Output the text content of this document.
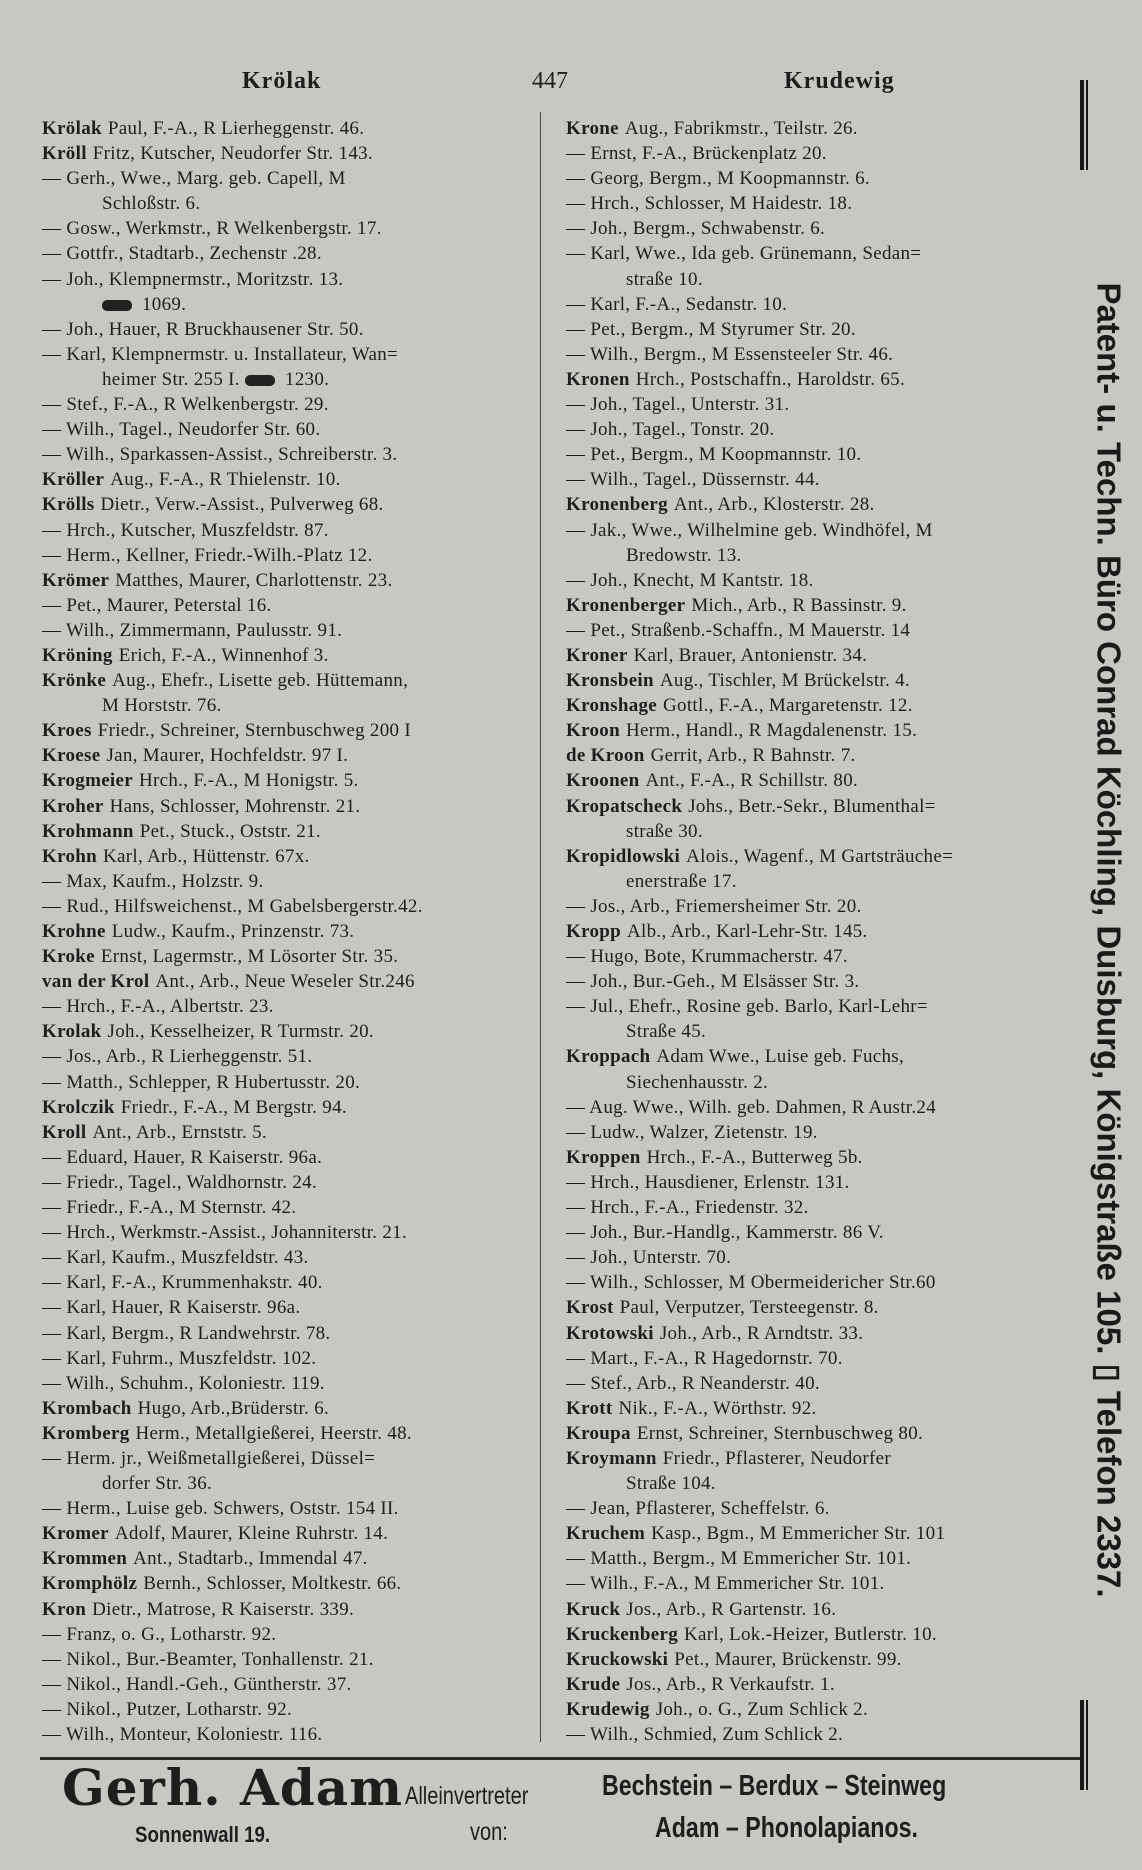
Krölak	447	Krudewig
Krölak Paul, F.-A., R Lierheggenstr. 46.
Kröll Fritz, Kutscher, Neudorfer Str. 143.
— Gerh., Wwe., Marg. geb. Capell, M
Schloßstr. 6.
— Gosw., Werkmstr., R Welkenbergstr. 17.
— Gottfr., Stadtarb., Zechenstr .28.
— Joh., Klempnermstr., Moritzstr. 13.
1069.
— Joh., Hauer, R Bruckhausener Str. 50.
— Karl, Klempnermstr. u. Installateur, Wan=
heimer Str. 255 I. 1230.
— Stef., F.-A., R Welkenbergstr. 29.
— Wilh., Tagel., Neudorfer Str. 60.
— Wilh., Sparkassen-Assist., Schreiberstr. 3.
Kröller Aug., F.-A., R Thielenstr. 10.
Krölls Dietr., Verw.-Assist., Pulverweg 68.
— Hrch., Kutscher, Muszfeldstr. 87.
— Herm., Kellner, Friedr.-Wilh.-Platz 12.
Krömer Matthes, Maurer, Charlottenstr. 23.
— Pet., Maurer, Peterstal 16.
— Wilh., Zimmermann, Paulusstr. 91.
Kröning Erich, F.-A., Winnenhof 3.
Krönke Aug., Ehefr., Lisette geb. Hüttemann,
M Horststr. 76.
Kroes Friedr., Schreiner, Sternbuschweg 200 I
Kroese Jan, Maurer, Hochfeldstr. 97 I.
Krogmeier Hrch., F.-A., M Honigstr. 5.
Kroher Hans, Schlosser, Mohrenstr. 21.
Krohmann Pet., Stuck., Oststr. 21.
Krohn Karl, Arb., Hüttenstr. 67x.
— Max, Kaufm., Holzstr. 9.
— Rud., Hilfsweichenst., M Gabelsbergerstr.42.
Krohne Ludw., Kaufm., Prinzenstr. 73.
Kroke Ernst, Lagermstr., M Lösorter Str. 35.
van der Krol Ant., Arb., Neue Weseler Str.246
— Hrch., F.-A., Albertstr. 23.
Krolak Joh., Kesselheizer, R Turmstr. 20.
— Jos., Arb., R Lierheggenstr. 51.
— Matth., Schlepper, R Hubertusstr. 20.
Krolczik Friedr., F.-A., M Bergstr. 94.
Kroll Ant., Arb., Ernststr. 5.
— Eduard, Hauer, R Kaiserstr. 96a.
— Friedr., Tagel., Waldhornstr. 24.
— Friedr., F.-A., M Sternstr. 42.
— Hrch., Werkmstr.-Assist., Johanniterstr. 21.
— Karl, Kaufm., Muszfeldstr. 43.
— Karl, F.-A., Krummenhakstr. 40.
— Karl, Hauer, R Kaiserstr. 96a.
— Karl, Bergm., R Landwehrstr. 78.
— Karl, Fuhrm., Muszfeldstr. 102.
— Wilh., Schuhm., Koloniestr. 119.
Krombach Hugo, Arb.,Brüderstr. 6.
Kromberg Herm., Metallgießerei, Heerstr. 48.
— Herm. jr., Weißmetallgießerei, Düssel=
dorfer Str. 36.
— Herm., Luise geb. Schwers, Oststr. 154 II.
Kromer Adolf, Maurer, Kleine Ruhrstr. 14.
Krommen Ant., Stadtarb., Immendal 47.
Kromphölz Bernh., Schlosser, Moltkestr. 66.
Kron Dietr., Matrose, R Kaiserstr. 339.
— Franz, o. G., Lotharstr. 92.
— Nikol., Bur.-Beamter, Tonhallenstr. 21.
— Nikol., Handl.-Geh., Güntherstr. 37.
— Nikol., Putzer, Lotharstr. 92.
— Wilh., Monteur, Koloniestr. 116.
Krone Aug., Fabrikmstr., Teilstr. 26.
— Ernst, F.-A., Brückenplatz 20.
— Georg, Bergm., M Koopmannstr. 6.
— Hrch., Schlosser, M Haidestr. 18.
— Joh., Bergm., Schwabenstr. 6.
— Karl, Wwe., Ida geb. Grünemann, Sedan=
straße 10.
— Karl, F.-A., Sedanstr. 10.
— Pet., Bergm., M Styrumer Str. 20.
— Wilh., Bergm., M Essensteeler Str. 46.
Kronen Hrch., Postschaffn., Haroldstr. 65.
— Joh., Tagel., Unterstr. 31.
— Joh., Tagel., Tonstr. 20.
— Pet., Bergm., M Koopmannstr. 10.
— Wilh., Tagel., Düssernstr. 44.
Kronenberg Ant., Arb., Klosterstr. 28.
— Jak., Wwe., Wilhelmine geb. Windhöfel, M
Bredowstr. 13.
— Joh., Knecht, M Kantstr. 18.
Kronenberger Mich., Arb., R Bassinstr. 9.
— Pet., Straßenb.-Schaffn., M Mauerstr. 14
Kroner Karl, Brauer, Antonienstr. 34.
Kronsbein Aug., Tischler, M Brückelstr. 4.
Kronshage Gottl., F.-A., Margaretenstr. 12.
Kroon Herm., Handl., R Magdalenenstr. 15.
de Kroon Gerrit, Arb., R Bahnstr. 7.
Kroonen Ant., F.-A., R Schillstr. 80.
Kropatscheck Johs., Betr.-Sekr., Blumenthal=
straße 30.
Kropidlowski Alois., Wagenf., M Gartsträuche=
enerstraße 17.
— Jos., Arb., Friemersheimer Str. 20.
Kropp Alb., Arb., Karl-Lehr-Str. 145.
— Hugo, Bote, Krummacherstr. 47.
— Joh., Bur.-Geh., M Elsässer Str. 3.
— Jul., Ehefr., Rosine geb. Barlo, Karl-Lehr=
Straße 45.
Kroppach Adam Wwe., Luise geb. Fuchs,
Siechenhausstr. 2.
— Aug. Wwe., Wilh. geb. Dahmen, R Austr.24
— Ludw., Walzer, Zietenstr. 19.
Kroppen Hrch., F.-A., Butterweg 5b.
— Hrch., Hausdiener, Erlenstr. 131.
— Hrch., F.-A., Friedenstr. 32.
— Joh., Bur.-Handlg., Kammerstr. 86 V.
— Joh., Unterstr. 70.
— Wilh., Schlosser, M Obermeidericher Str.60
Krost Paul, Verputzer, Tersteegenstr. 8.
Krotowski Joh., Arb., R Arndtstr. 33.
— Mart., F.-A., R Hagedornstr. 70.
— Stef., Arb., R Neanderstr. 40.
Krott Nik., F.-A., Wörthstr. 92.
Kroupa Ernst, Schreiner, Sternbuschweg 80.
Kroymann Friedr., Pflasterer, Neudorfer
Straße 104.
— Jean, Pflasterer, Scheffelstr. 6.
Kruchem Kasp., Bgm., M Emmericher Str. 101
— Matth., Bergm., M Emmericher Str. 101.
— Wilh., F.-A., M Emmericher Str. 101.
Kruck Jos., Arb., R Gartenstr. 16.
Kruckenberg Karl, Lok.-Heizer, Butlerstr. 10.
Kruckowski Pet., Maurer, Brückenstr. 99.
Krude Jos., Arb., R Verkaufstr. 1.
Krudewig Joh., o. G., Zum Schlick 2.
— Wilh., Schmied, Zum Schlick 2.
Patent- u. Techn. Büro Conrad Köchling, Duisburg, Königstraße 105. ▯ Telefon 2337.
Gerh. Adam
Sonnenwall 19.
Alleinvertreter
von:
Bechstein – Berdux – Steinweg
Adam – Phonolapianos.
